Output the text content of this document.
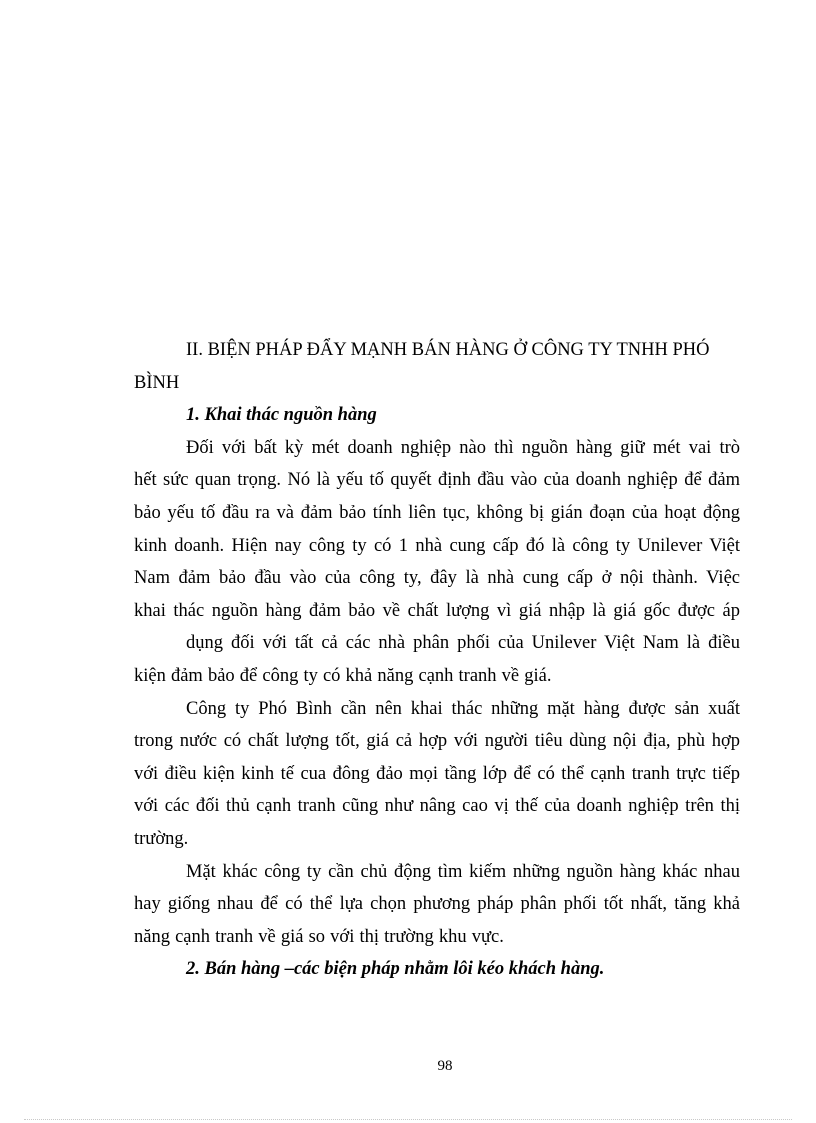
II. BIỆN PHÁP ĐẨY MẠNH BÁN HÀNG Ở CÔNG TY TNHH PHÓ
BÌNH

1. Khai thác nguồn hàng

Đối với bất kỳ mét doanh nghiệp nào thì nguồn hàng giữ mét vai trò
hết sức quan trọng. Nó là yếu tố quyết định đầu vào của doanh nghiệp để đảm
bảo yếu tố đầu ra và đảm bảo tính liên tục, không bị gián đoạn của hoạt động
kinh doanh. Hiện nay công ty có 1 nhà cung cấp đó là công ty Unilever Việt
Nam đảm bảo đầu vào của công ty, đây là nhà cung cấp ở nội thành. Việc
khai thác nguồn hàng đảm bảo về chất lượng vì giá nhập là giá gốc được áp
dụng đối với tất cả các nhà phân phối của Unilever Việt Nam là điều
kiện đảm bảo để công ty có khả năng cạnh tranh về giá.
Công ty Phó Bình cần nên khai thác những mặt hàng được sản xuất
trong nước có chất lượng tốt, giá cả hợp với người tiêu dùng nội địa, phù hợp
với điều kiện kinh tế cua đông đảo mọi tầng lớp để có thể cạnh tranh trực tiếp
với các đối thủ cạnh tranh cũng như nâng cao vị thế của doanh nghiệp trên thị
trường.
Mặt khác công ty cần chủ động tìm kiếm những nguồn hàng khác nhau
hay giống nhau để có thể lựa chọn phương pháp phân phối tốt nhất, tăng khả
năng cạnh tranh về giá so với thị trường khu vực.

2. Bán hàng –các biện pháp nhằm lôi kéo khách hàng.

98
